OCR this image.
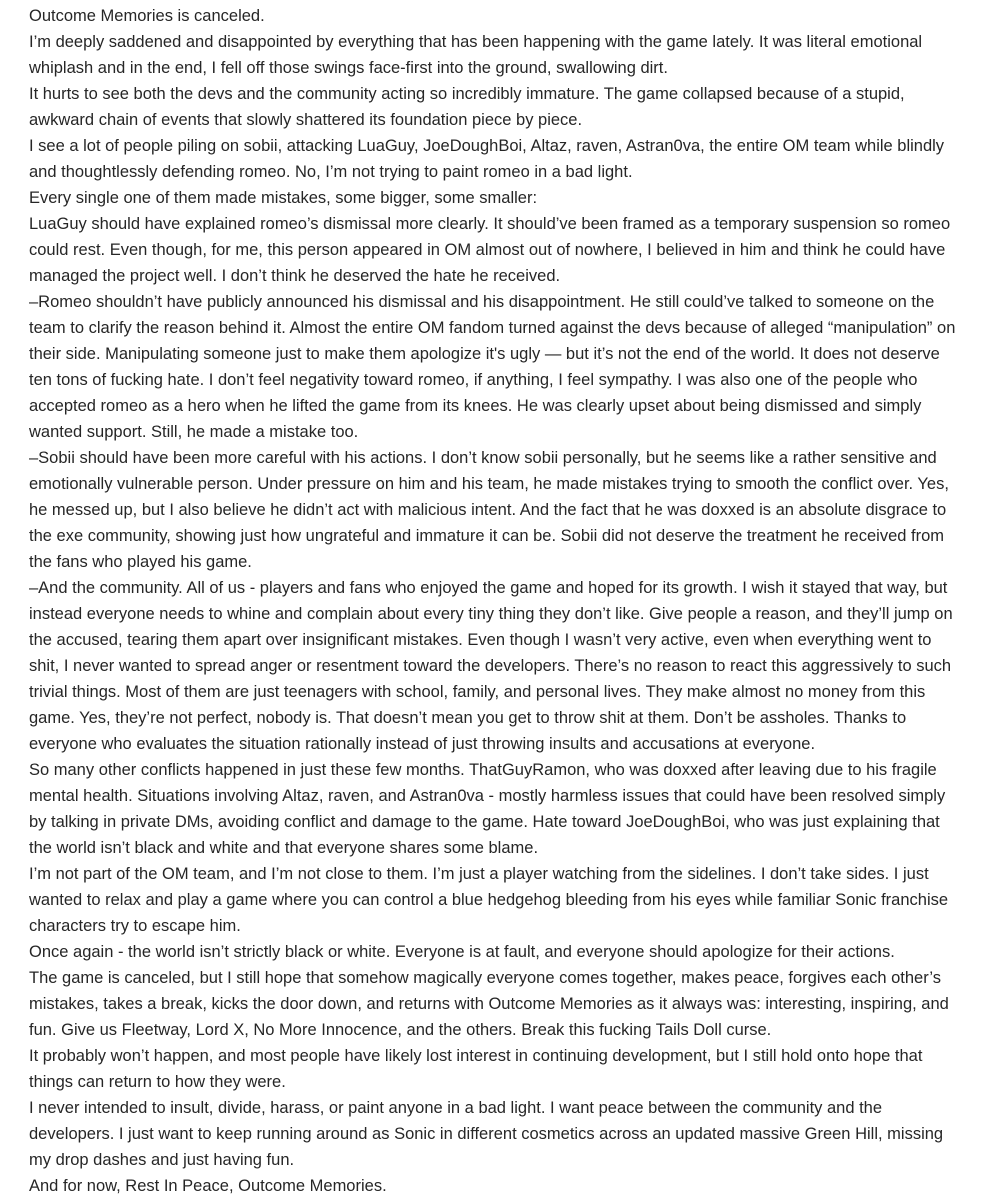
Outcome Memories is canceled.

I’m deeply saddened and disappointed by everything that has been happening with the game lately. It was literal emotional whiplash and in the end, I fell off those swings face-first into the ground, swallowing dirt.

It hurts to see both the devs and the community acting so incredibly immature. The game collapsed because of a stupid, awkward chain of events that slowly shattered its foundation piece by piece.

I see a lot of people piling on sobii, attacking LuaGuy, JoeDoughBoi, Altaz, raven, Astran0va, the entire OM team while blindly and thoughtlessly defending romeo. No, I’m not trying to paint romeo in a bad light.

Every single one of them made mistakes, some bigger, some smaller:

LuaGuy should have explained romeo’s dismissal more clearly. It should’ve been framed as a temporary suspension so romeo could rest. Even though, for me, this person appeared in OM almost out of nowhere, I believed in him and think he could have managed the project well. I don’t think he deserved the hate he received.

–Romeo shouldn’t have publicly announced his dismissal and his disappointment. He still could’ve talked to someone on the team to clarify the reason behind it. Almost the entire OM fandom turned against the devs because of alleged “manipulation” on their side. Manipulating someone just to make them apologize it's ugly — but it’s not the end of the world. It does not deserve ten tons of fucking hate. I don’t feel negativity toward romeo, if anything, I feel sympathy. I was also one of the people who accepted romeo as a hero when he lifted the game from its knees. He was clearly upset about being dismissed and simply wanted support. Still, he made a mistake too.

–Sobii should have been more careful with his actions. I don’t know sobii personally, but he seems like a rather sensitive and emotionally vulnerable person. Under pressure on him and his team, he made mistakes trying to smooth the conflict over. Yes, he messed up, but I also believe he didn’t act with malicious intent. And the fact that he was doxxed is an absolute disgrace to the exe community, showing just how ungrateful and immature it can be. Sobii did not deserve the treatment he received from the fans who played his game.

–And the community. All of us - players and fans who enjoyed the game and hoped for its growth. I wish it stayed that way, but instead everyone needs to whine and complain about every tiny thing they don’t like. Give people a reason, and they’ll jump on the accused, tearing them apart over insignificant mistakes. Even though I wasn’t very active, even when everything went to shit, I never wanted to spread anger or resentment toward the developers. There’s no reason to react this aggressively to such trivial things. Most of them are just teenagers with school, family, and personal lives. They make almost no money from this game. Yes, they’re not perfect, nobody is. That doesn’t mean you get to throw shit at them. Don’t be assholes. Thanks to everyone who evaluates the situation rationally instead of just throwing insults and accusations at everyone.

So many other conflicts happened in just these few months. ThatGuyRamon, who was doxxed after leaving due to his fragile mental health. Situations involving Altaz, raven, and Astran0va - mostly harmless issues that could have been resolved simply by talking in private DMs, avoiding conflict and damage to the game. Hate toward JoeDoughBoi, who was just explaining that the world isn’t black and white and that everyone shares some blame.

I’m not part of the OM team, and I’m not close to them. I’m just a player watching from the sidelines. I don’t take sides. I just wanted to relax and play a game where you can control a blue hedgehog bleeding from his eyes while familiar Sonic franchise characters try to escape him.

Once again - the world isn’t strictly black or white. Everyone is at fault, and everyone should apologize for their actions.

The game is canceled, but I still hope that somehow magically everyone comes together, makes peace, forgives each other’s mistakes, takes a break, kicks the door down, and returns with Outcome Memories as it always was: interesting, inspiring, and fun. Give us Fleetway, Lord X, No More Innocence, and the others. Break this fucking Tails Doll curse.

It probably won’t happen, and most people have likely lost interest in continuing development, but I still hold onto hope that things can return to how they were.

I never intended to insult, divide, harass, or paint anyone in a bad light. I want peace between the community and the developers. I just want to keep running around as Sonic in different cosmetics across an updated massive Green Hill, missing my drop dashes and just having fun.

And for now, Rest In Peace, Outcome Memories.
